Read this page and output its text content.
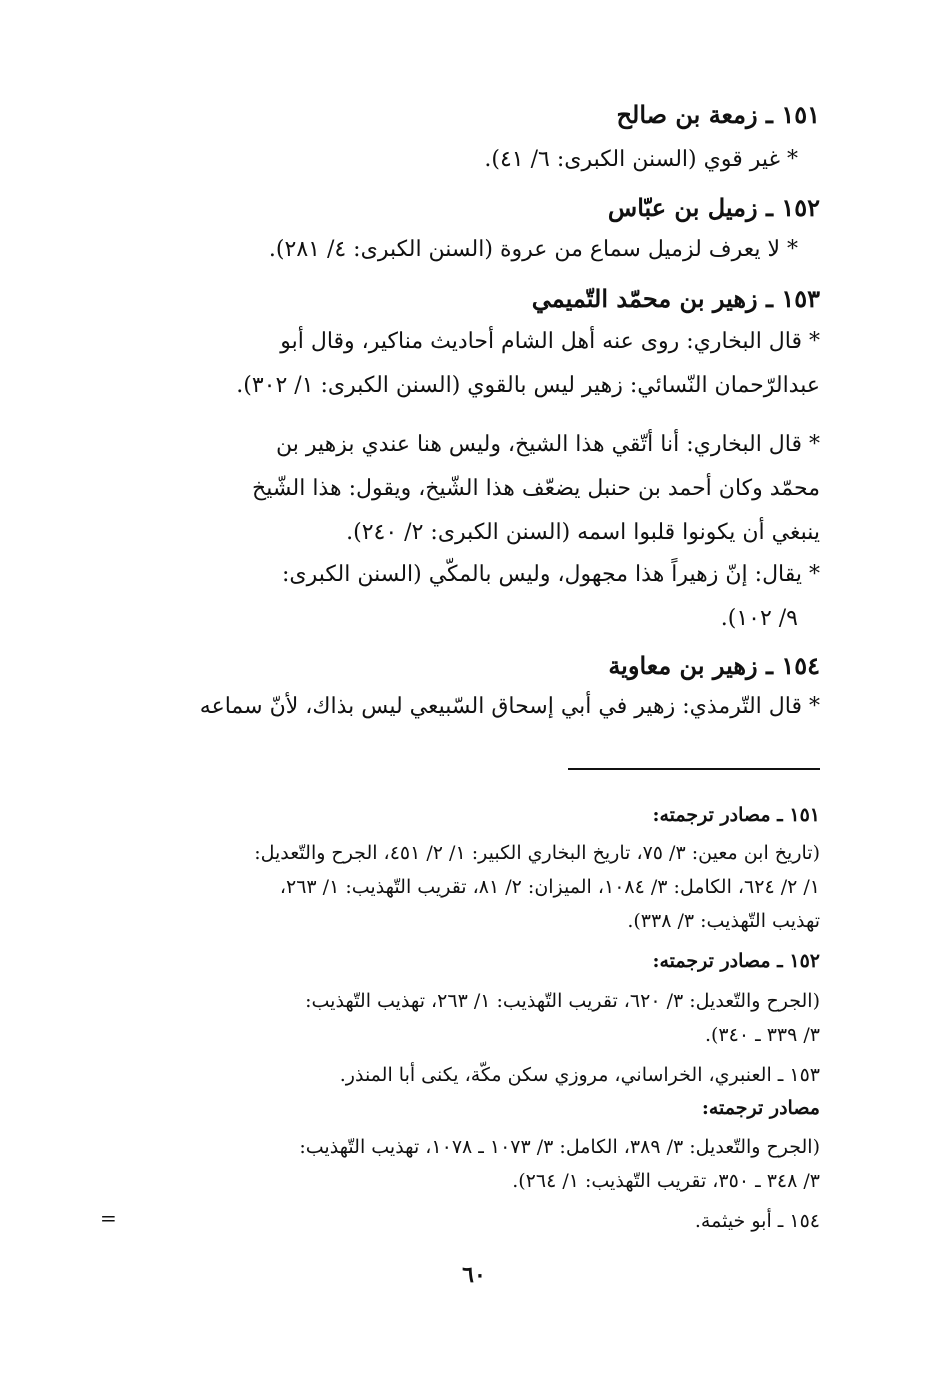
١٥١ ـ زمعة بن صالح
* غير قوي (السنن الكبرى: ٦/ ٤١).
١٥٢ ـ زميل بن عبّاس
* لا يعرف لزميل سماع من عروة (السنن الكبرى: ٤/ ٢٨١).
١٥٣ ـ زهير بن محمّد التّميمي
* قال البخاري: روى عنه أهل الشام أحاديث مناكير، وقال أبو
عبدالرّحمان النّسائي: زهير ليس بالقوي (السنن الكبرى: ١/ ٣٠٢).
* قال البخاري: أنا أتّقي هذا الشيخ، وليس هنا عندي بزهير بن
محمّد وكان أحمد بن حنبل يضعّف هذا الشّيخ، ويقول: هذا الشّيخ
ينبغي أن يكونوا قلبوا اسمه (السنن الكبرى: ٢/ ٢٤٠).
* يقال: إنّ زهيراً هذا مجهول، وليس بالمكّي (السنن الكبرى:
٩/ ١٠٢).
١٥٤ ـ زهير بن معاوية
* قال التّرمذي: زهير في أبي إسحاق السّبيعي ليس بذاك، لأنّ سماعه
١٥١ ـ مصادر ترجمته:
(تاريخ ابن معين: ٣/ ٧٥، تاريخ البخاري الكبير: ١/ ٢/ ٤٥١، الجرح والتّعديل:
١/ ٢/ ٦٢٤، الكامل: ٣/ ١٠٨٤، الميزان: ٢/ ٨١، تقريب التّهذيب: ١/ ٢٦٣،
تهذيب التّهذيب: ٣/ ٣٣٨).
١٥٢ ـ مصادر ترجمته:
(الجرح والتّعديل: ٣/ ٦٢٠، تقريب التّهذيب: ١/ ٢٦٣، تهذيب التّهذيب:
٣/ ٣٣٩ ـ ٣٤٠).
١٥٣ ـ العنبري، الخراساني، مروزي سكن مكّة، يكنى أبا المنذر.
مصادر ترجمته:
(الجرح والتّعديل: ٣/ ٣٨٩، الكامل: ٣/ ١٠٧٣ ـ ١٠٧٨، تهذيب التّهذيب:
٣/ ٣٤٨ ـ ٣٥٠، تقريب التّهذيب: ١/ ٢٦٤).
١٥٤ ـ أبو خيثمة.
=
٦٠
